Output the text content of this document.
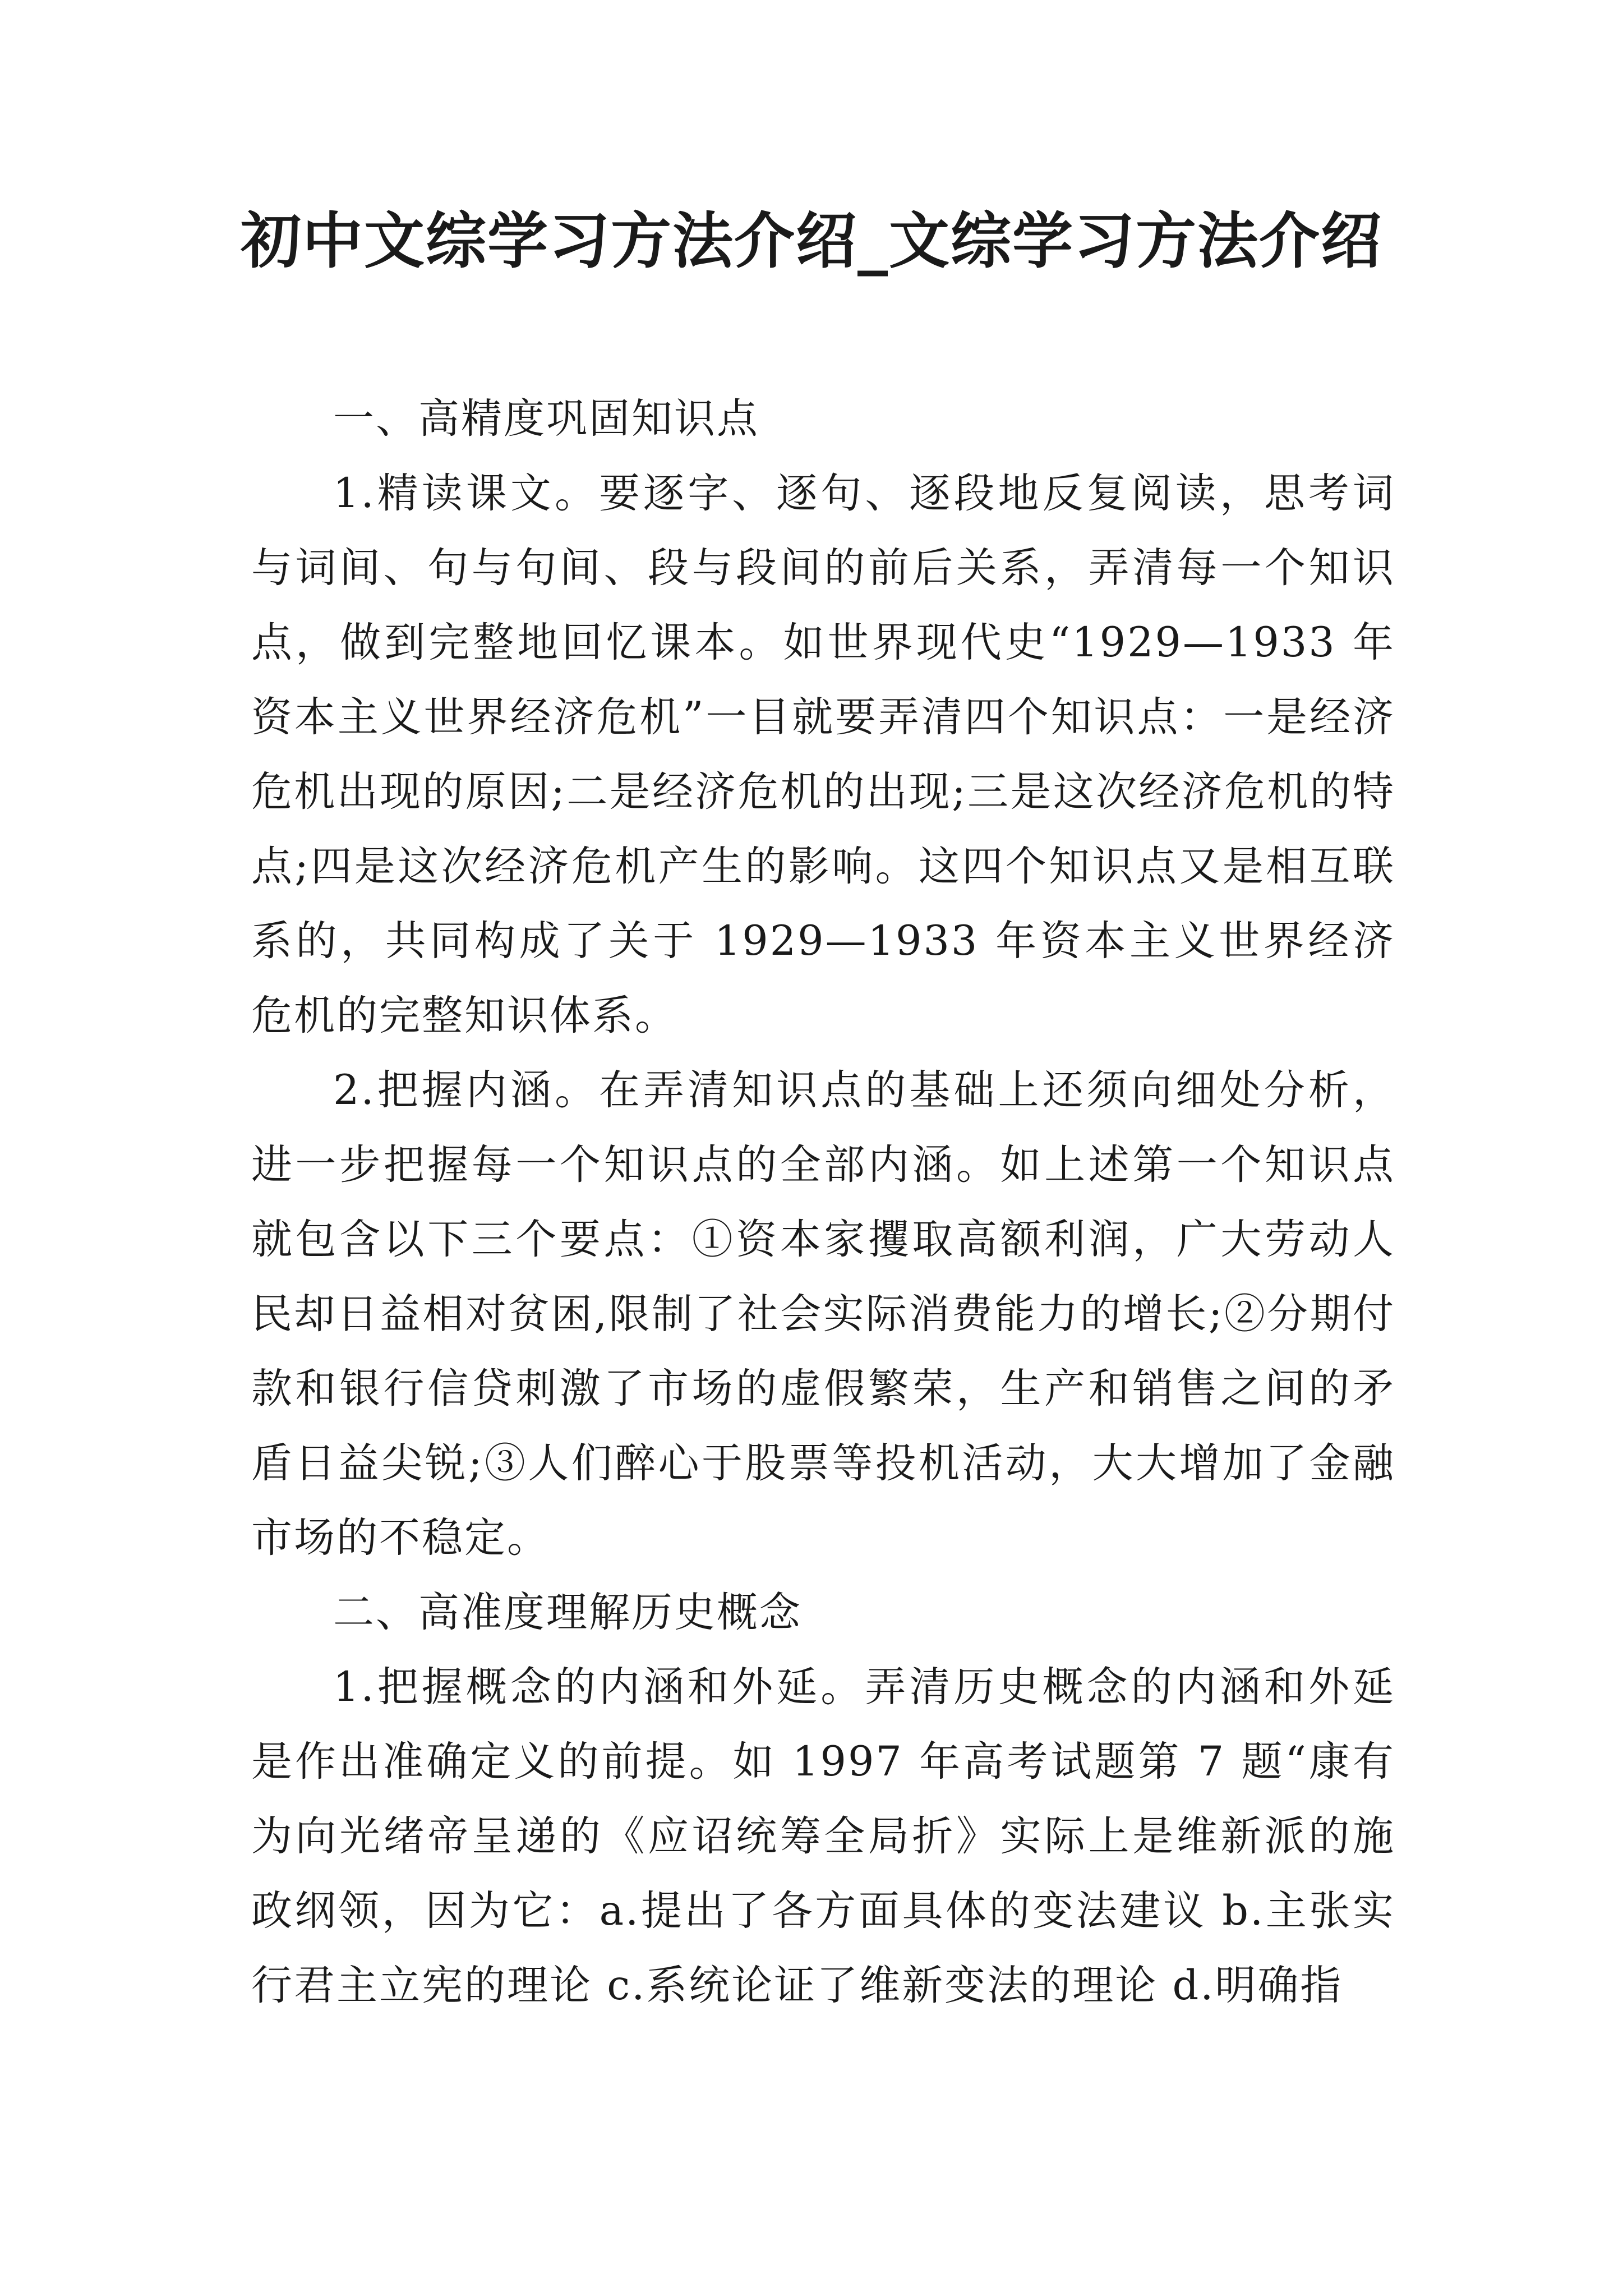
初中文综学习方法介绍_文综学习方法介绍

一、高精度巩固知识点

1.精读课文。要逐字、逐句、逐段地反复阅读，思考词与词间、句与句间、段与段间的前后关系，弄清每一个知识点，做到完整地回忆课本。如世界现代史“1929—1933 年资本主义世界经济危机”一目就要弄清四个知识点：一是经济危机出现的原因;二是经济危机的出现;三是这次经济危机的特点;四是这次经济危机产生的影响。这四个知识点又是相互联系的，共同构成了关于 1929—1933 年资本主义世界经济危机的完整知识体系。

2.把握内涵。在弄清知识点的基础上还须向细处分析，进一步把握每一个知识点的全部内涵。如上述第一个知识点就包含以下三个要点：①资本家攫取高额利润，广大劳动人民却日益相对贫困,限制了社会实际消费能力的增长;②分期付款和银行信贷刺激了市场的虚假繁荣，生产和销售之间的矛盾日益尖锐;③人们醉心于股票等投机活动，大大增加了金融市场的不稳定。

二、高准度理解历史概念

1.把握概念的内涵和外延。弄清历史概念的内涵和外延是作出准确定义的前提。如 1997 年高考试题第 7 题“康有为向光绪帝呈递的《应诏统筹全局折》实际上是维新派的施政纲领，因为它：a.提出了各方面具体的变法建议 b.主张实行君主立宪的理论 c.系统论证了维新变法的理论 d.明确指
